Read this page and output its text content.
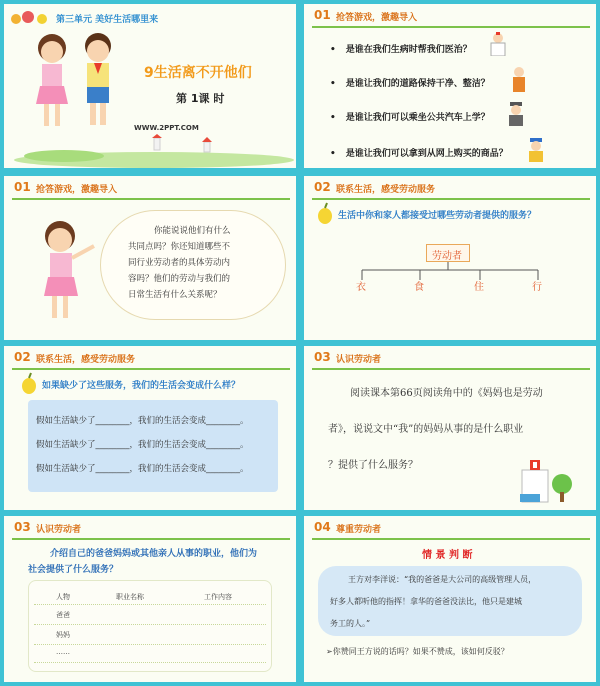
第三单元 美好生活哪里来
9生活离不开他们
第 1课 时
WWW.2PPT.COM
01 抢答游戏，激趣导入
• 是谁在我们生病时帮我们医治？
• 是谁让我们的道路保持干净、整洁？
• 是谁让我们可以乘坐公共汽车上学？
• 是谁让我们可以拿到从网上购买的商品？
01 抢答游戏，激趣导入
你能说说他们有什么
共同点吗？你还知道哪些不
同行业劳动者的具体劳动内
容吗？他们的劳动与我们的
日常生活有什么关系呢？
02 联系生活，感受劳动服务
生活中你和家人都接受过哪些劳动者提供的服务？
劳动者
衣	食	住	行
02 联系生活，感受劳动服务
如果缺少了这些服务，我们的生活会变成什么样？
假如生活缺少了________，我们的生活会变成________。
假如生活缺少了________，我们的生活会变成________。
假如生活缺少了________，我们的生活会变成________。
03 认识劳动者
阅读课本第66页阅读角中的《妈妈也是劳动
者》，说说文中“我”的妈妈从事的是什么职业
？提供了什么服务？
03 认识劳动者
介绍自己的爸爸妈妈或其他亲人从事的职业，他们为
社会提供了什么服务？
人物	职业名称	工作内容
爸爸
妈妈
……
04 尊重劳动者
情 景 判 断
王方对李洋说：“我的爸爸是大公司的高级管理人员，
好多人都听他的指挥！拿华的爸爸没法比，他只是建城
务工的人。”
➢你赞同王方说的话吗？如果不赞成，该如何反驳？
